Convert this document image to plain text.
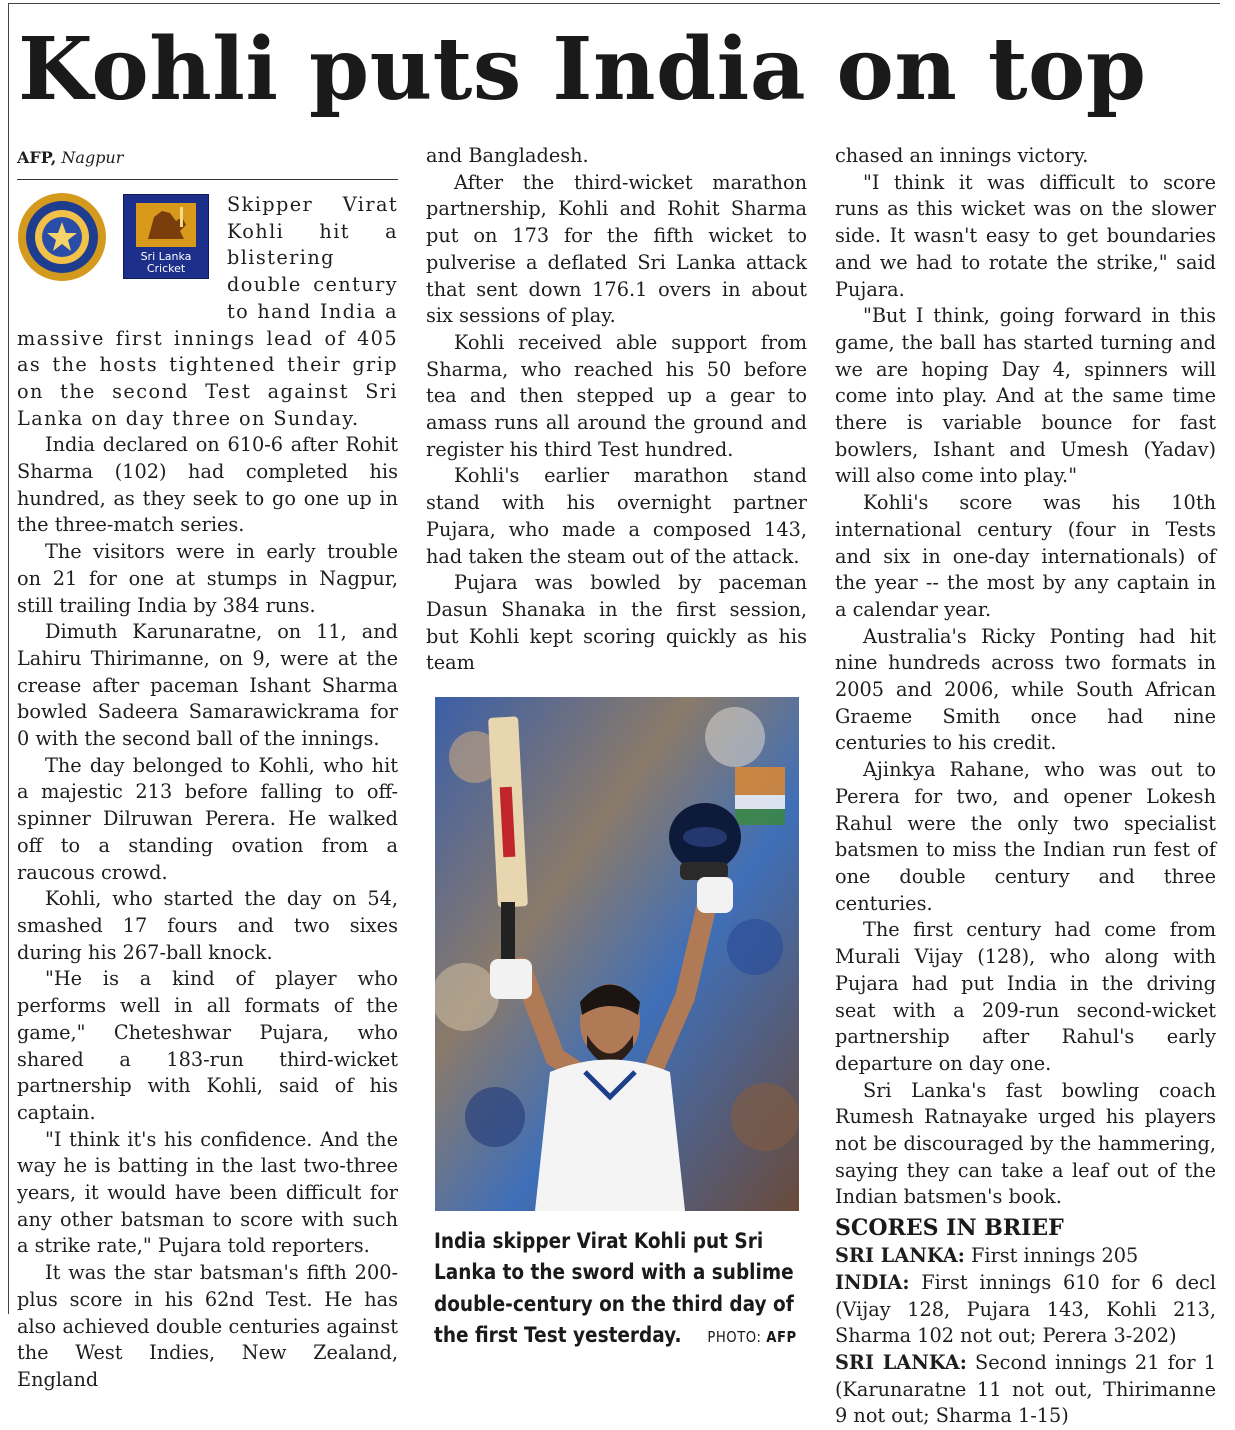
Kohli puts India on top
AFP, Nagpur
Sri Lanka
Cricket

Skipper Virat Kohli hit a blistering double century to hand India a massive first innings lead of 405 as the hosts tightened their grip on the second Test against Sri Lanka on day three on Sunday.

India declared on 610-6 after Rohit Sharma (102) had completed his hundred, as they seek to go one up in the three-match series.

The visitors were in early trouble on 21 for one at stumps in Nagpur, still trailing India by 384 runs.

Dimuth Karunaratne, on 11, and Lahiru Thirimanne, on 9, were at the crease after paceman Ishant Sharma bowled Sadeera Samarawickrama for 0 with the second ball of the innings.

The day belonged to Kohli, who hit a majestic 213 before falling to off-spinner Dilruwan Perera. He walked off to a standing ovation from a raucous crowd.

Kohli, who started the day on 54, smashed 17 fours and two sixes during his 267-ball knock.

"He is a kind of player who performs well in all formats of the game," Cheteshwar Pujara, who shared a 183-run third-wicket partnership with Kohli, said of his captain.

"I think it's his confidence. And the way he is batting in the last two-three years, it would have been difficult for any other batsman to score with such a strike rate," Pujara told reporters.

It was the star batsman's fifth 200-plus score in his 62nd Test. He has also achieved double centuries against the West Indies, New Zealand, England

and Bangladesh.

After the third-wicket marathon partnership, Kohli and Rohit Sharma put on 173 for the fifth wicket to pulverise a deflated Sri Lanka attack that sent down 176.1 overs in about six sessions of play.

Kohli received able support from Sharma, who reached his 50 before tea and then stepped up a gear to amass runs all around the ground and register his third Test hundred.

Kohli's earlier marathon stand stand with his overnight partner Pujara, who made a composed 143, had taken the steam out of the attack.

Pujara was bowled by paceman Dasun Shanaka in the first session, but Kohli kept scoring quickly as his team

India skipper Virat Kohli put Sri Lanka to the sword with a sublime double-century on the third day of the first Test yesterday. PHOTO: AFP

chased an innings victory.

"I think it was difficult to score runs as this wicket was on the slower side. It wasn't easy to get boundaries and we had to rotate the strike," said Pujara.

"But I think, going forward in this game, the ball has started turning and we are hoping Day 4, spinners will come into play. And at the same time there is variable bounce for fast bowlers, Ishant and Umesh (Yadav) will also come into play."

Kohli's score was his 10th international century (four in Tests and six in one-day internationals) of the year -- the most by any captain in a calendar year.

Australia's Ricky Ponting had hit nine hundreds across two formats in 2005 and 2006, while South African Graeme Smith once had nine centuries to his credit.

Ajinkya Rahane, who was out to Perera for two, and opener Lokesh Rahul were the only two specialist batsmen to miss the Indian run fest of one double century and three centuries.

The first century had come from Murali Vijay (128), who along with Pujara had put India in the driving seat with a 209-run second-wicket partnership after Rahul's early departure on day one.

Sri Lanka's fast bowling coach Rumesh Ratnayake urged his players not be discouraged by the hammering, saying they can take a leaf out of the Indian batsmen's book.

SCORES IN BRIEF

SRI LANKA: First innings 205

INDIA: First innings 610 for 6 decl (Vijay 128, Pujara 143, Kohli 213, Sharma 102 not out; Perera 3-202)

SRI LANKA: Second innings 21 for 1 (Karunaratne 11 not out, Thirimanne 9 not out; Sharma 1-15)
